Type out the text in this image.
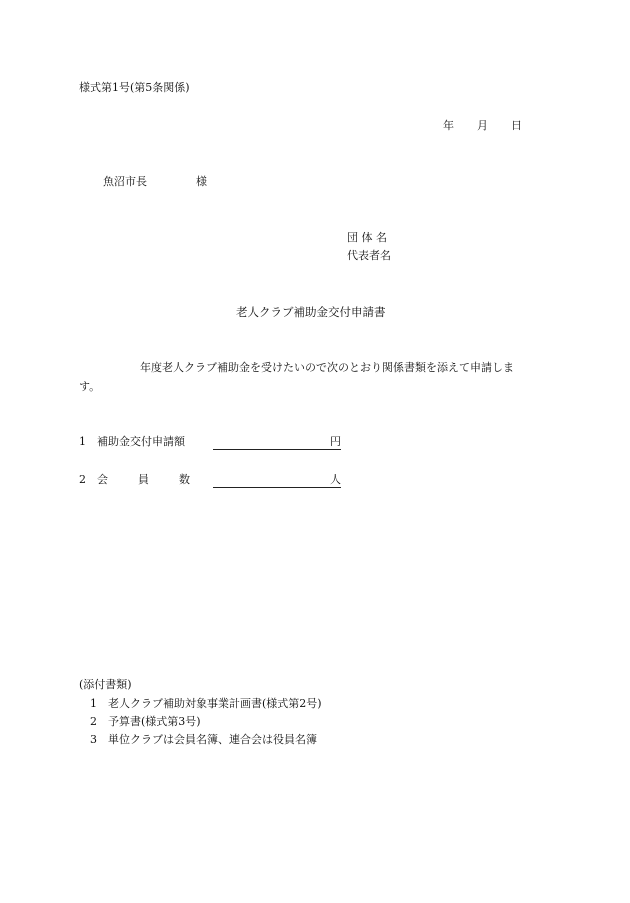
様式第1号(第5条関係)
年 月 日
魚沼市長	様
団 体 名
代表者名
老人クラブ補助金交付申請書
年度老人クラブ補助金を受けたいので次のとおり関係書類を添えて申請しま
す。
1 補助金交付申請額	円
2 会	員	数	人
(添付書類)
1 老人クラブ補助対象事業計画書(様式第2号)
2 予算書(様式第3号)
3 単位クラブは会員名簿、連合会は役員名簿
